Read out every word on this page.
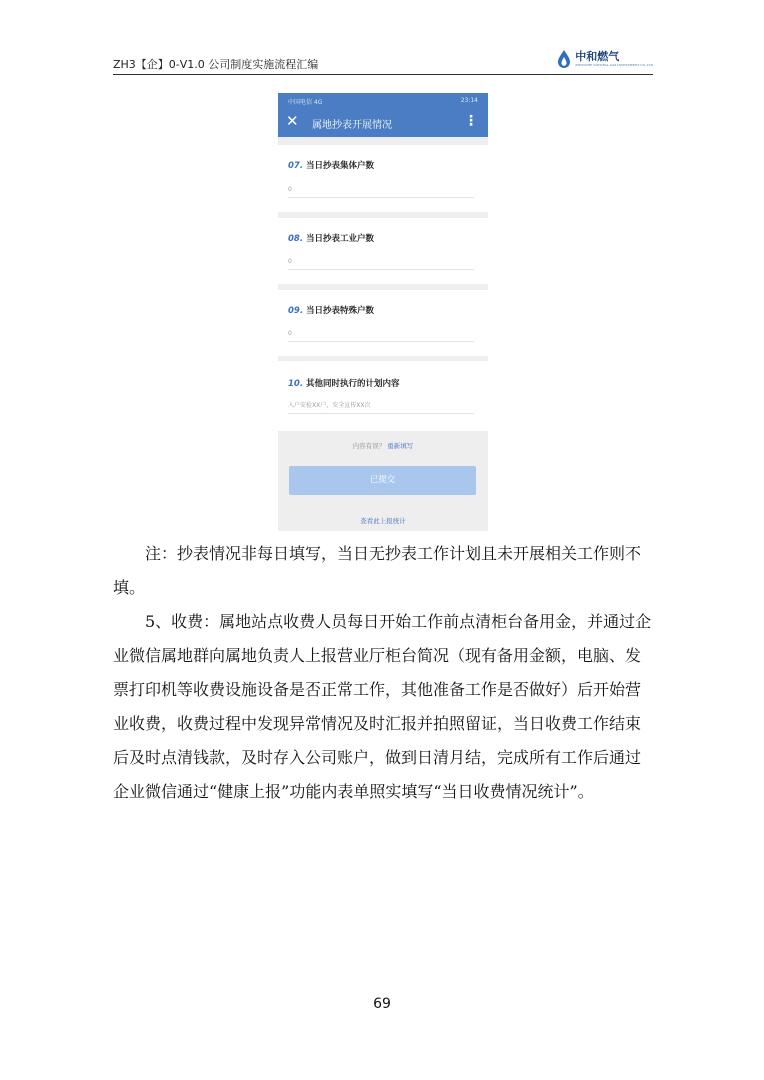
ZH3【企】0-V1.0 公司制度实施流程汇编
中和燃气
ZHONGHE NATURAL GAS INVESTMENT CO.,LTD
中国电信 4G	23:14
✕ 属地抄表开展情况	⋮
07. 当日抄表集体户数
0
08. 当日抄表工业户数
0
09. 当日抄表特殊户数
0
10. 其他同时执行的计划内容
入户安检XX户，安全宣传XX次
内容有误？ 重新填写
已提交
查看此上报统计

注：抄表情况非每日填写，当日无抄表工作计划且未开展相关工作则不填。

5、收费：属地站点收费人员每日开始工作前点清柜台备用金，并通过企业微信属地群向属地负责人上报营业厅柜台简况（现有备用金额，电脑、发票打印机等收费设施设备是否正常工作，其他准备工作是否做好）后开始营业收费，收费过程中发现异常情况及时汇报并拍照留证，当日收费工作结束后及时点清钱款，及时存入公司账户，做到日清月结，完成所有工作后通过企业微信通过“健康上报”功能内表单照实填写“当日收费情况统计”。

69
